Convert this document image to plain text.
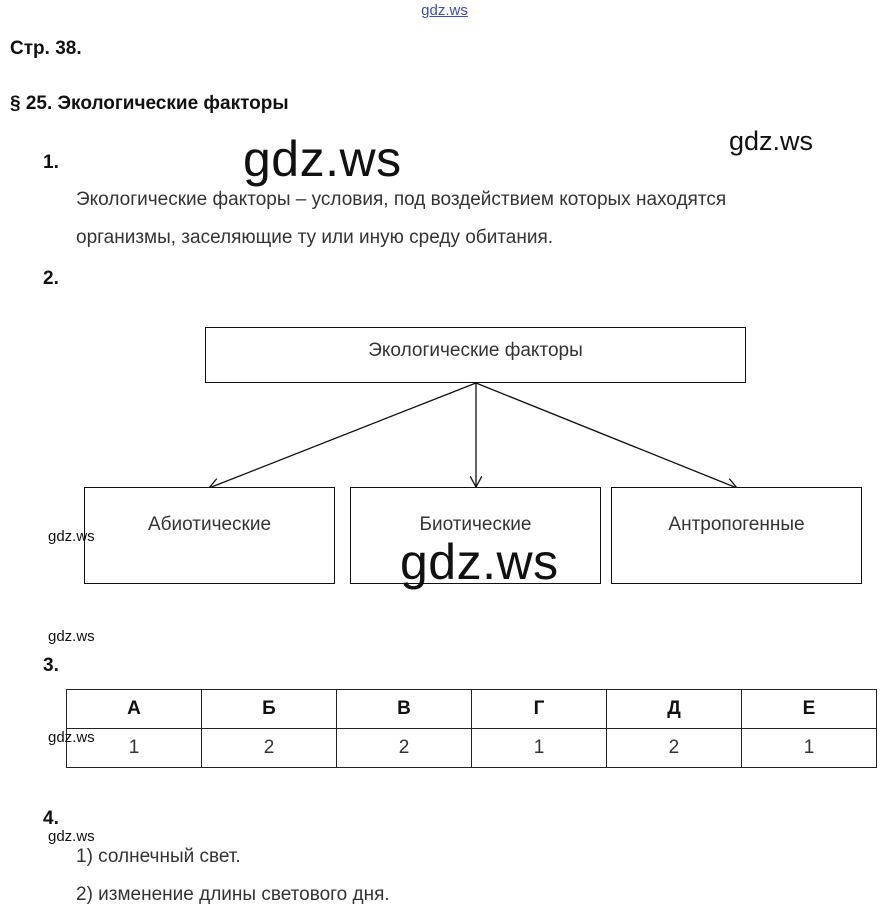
gdz.ws
Стр. 38.
§ 25. Экологические факторы
1.	gdz.ws	gdz.ws
Экологические факторы – условия, под воздействием которых находятся
организмы, заселяющие ту или иную среду обитания.
2.
Экологические факторы
Абиотические	Биотические	Антропогенные
gdz.ws	gdz.ws
gdz.ws
3.
А	Б	В	Г	Д	Е
1	2	2	1	2	1
gdz.ws
4.
gdz.ws
1) солнечный свет.
2) изменение длины светового дня.
